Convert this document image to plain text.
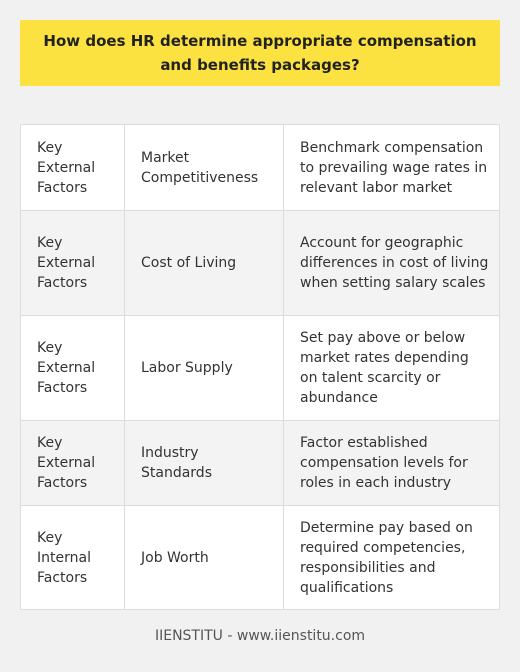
How does HR determine appropriate compensation and benefits packages?
Key External Factors
Market Competitiveness
Benchmark compensation to prevailing wage rates in relevant labor market
Key External Factors
Cost of Living
Account for geographic differences in cost of living when setting salary scales
Key External Factors
Labor Supply
Set pay above or below market rates depending on talent scarcity or abundance
Key External Factors
Industry Standards
Factor established compensation levels for roles in each industry
Key Internal Factors
Job Worth
Determine pay based on required competencies, responsibilities and qualifications
IIENSTITU - www.iienstitu.com
